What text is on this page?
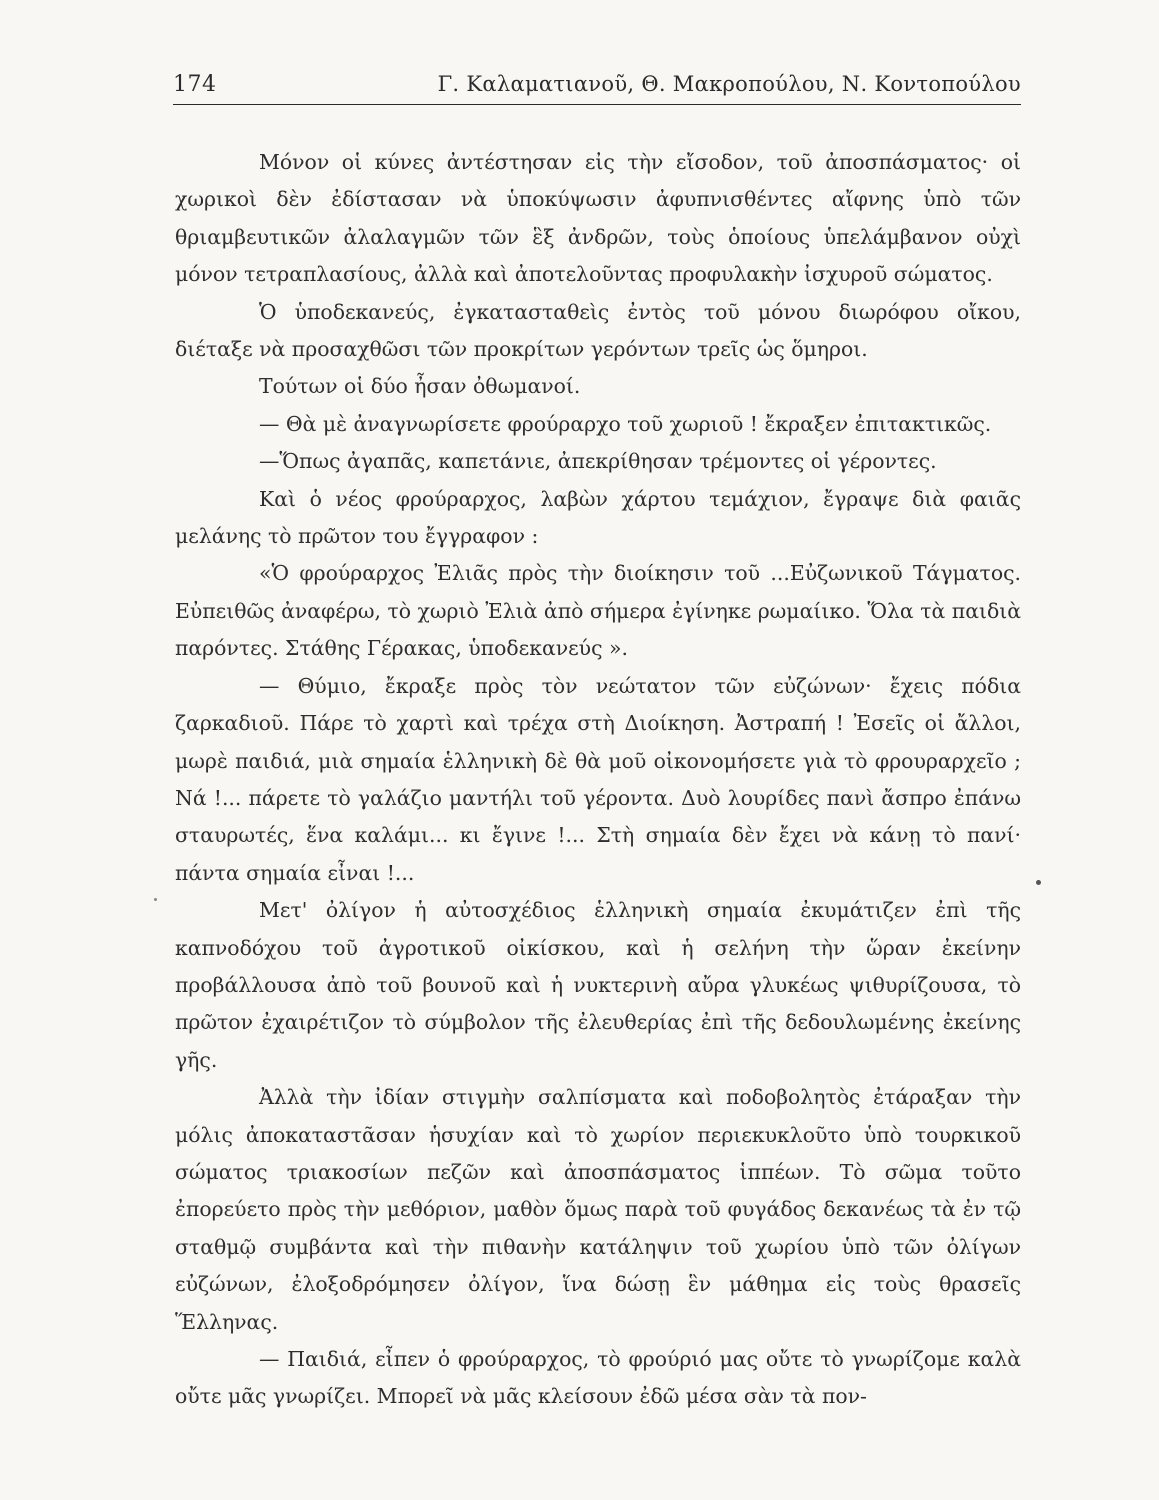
174	Γ. Καλαματιανοῦ, Θ. Μακροπούλου, Ν. Κοντοπούλου

Μόνον οἱ κύνες ἀντέστησαν εἰς τὴν εἴσοδον, τοῦ ἀποσπάσματος· οἱ χωρικοὶ δὲν ἐδίστασαν νὰ ὑποκύψωσιν ἀφυπνισθέντες αἴφνης ὑπὸ τῶν θριαμβευτικῶν ἀλαλαγμῶν τῶν ἓξ ἀνδρῶν, τοὺς ὁποίους ὑπελάμβανον οὐχὶ μόνον τετραπλασίους, ἀλλὰ καὶ ἀποτελοῦντας προφυλακὴν ἰσχυροῦ σώματος.

Ὁ ὑποδεκανεύς, ἐγκατασταθεὶς ἐντὸς τοῦ μόνου διωρόφου οἴκου, διέταξε νὰ προσαχθῶσι τῶν προκρίτων γερόντων τρεῖς ὡς ὅμηροι.

Τούτων οἱ δύο ἦσαν ὀθωμανοί.

— Θὰ μὲ ἀναγνωρίσετε φρούραρχο τοῦ χωριοῦ ! ἔκραξεν ἐπιτακτικῶς.

—Ὅπως ἀγαπᾶς, καπετάνιε, ἀπεκρίθησαν τρέμοντες οἱ γέροντες.

Καὶ ὁ νέος φρούραρχος, λαβὼν χάρτου τεμάχιον, ἔγραψε διὰ φαιᾶς μελάνης τὸ πρῶτον του ἔγγραφον :

«Ὁ φρούραρχος Ἐλιᾶς πρὸς τὴν διοίκησιν τοῦ ...Εὐζωνικοῦ Τάγματος. Εὐπειθῶς ἀναφέρω, τὸ χωριὸ Ἐλιὰ ἀπὸ σήμερα ἐγίνηκε ρωμαίικο. Ὅλα τὰ παιδιὰ παρόντες. Στάθης Γέρακας, ὑποδεκανεύς ».

— Θύμιο, ἔκραξε πρὸς τὸν νεώτατον τῶν εὐζώνων· ἔχεις πόδια ζαρκαδιοῦ. Πάρε τὸ χαρτὶ καὶ τρέχα στὴ Διοίκηση. Ἀστραπή ! Ἐσεῖς οἱ ἄλλοι, μωρὲ παιδιά, μιὰ σημαία ἑλληνικὴ δὲ θὰ μοῦ οἰκονομήσετε γιὰ τὸ φρουραρχεῖο ; Νά !... πάρετε τὸ γαλάζιο μαντήλι τοῦ γέροντα. Δυὸ λουρίδες πανὶ ἄσπρο ἐπάνω σταυρωτές, ἕνα καλάμι... κι ἔγινε !... Στὴ σημαία δὲν ἔχει νὰ κάνῃ τὸ πανί· πάντα σημαία εἶναι !...

Μετ' ὀλίγον ἡ αὐτοσχέδιος ἑλληνικὴ σημαία ἐκυμάτιζεν ἐπὶ τῆς καπνοδόχου τοῦ ἀγροτικοῦ οἰκίσκου, καὶ ἡ σελήνη τὴν ὥραν ἐκείνην προβάλλουσα ἀπὸ τοῦ βουνοῦ καὶ ἡ νυκτερινὴ αὔρα γλυκέως ψιθυρίζουσα, τὸ πρῶτον ἐχαιρέτιζον τὸ σύμβολον τῆς ἐλευθερίας ἐπὶ τῆς δεδουλωμένης ἐκείνης γῆς.

Ἀλλὰ τὴν ἰδίαν στιγμὴν σαλπίσματα καὶ ποδοβολητὸς ἐτάραξαν τὴν μόλις ἀποκαταστᾶσαν ἡσυχίαν καὶ τὸ χωρίον περιεκυκλοῦτο ὑπὸ τουρκικοῦ σώματος τριακοσίων πεζῶν καὶ ἀποσπάσματος ἱππέων. Τὸ σῶμα τοῦτο ἐπορεύετο πρὸς τὴν μεθόριον, μαθὸν ὅμως παρὰ τοῦ φυγάδος δεκανέως τὰ ἐν τῷ σταθμῷ συμβάντα καὶ τὴν πιθανὴν κατάληψιν τοῦ χωρίου ὑπὸ τῶν ὀλίγων εὐζώνων, ἐλοξοδρόμησεν ὀλίγον, ἵνα δώσῃ ἓν μάθημα εἰς τοὺς θρασεῖς Ἕλληνας.

— Παιδιά, εἶπεν ὁ φρούραρχος, τὸ φρούριό μας οὔτε τὸ γνωρίζομε καλὰ οὔτε μᾶς γνωρίζει. Μπορεῖ νὰ μᾶς κλείσουν ἐδῶ μέσα σὰν τὰ πον-
